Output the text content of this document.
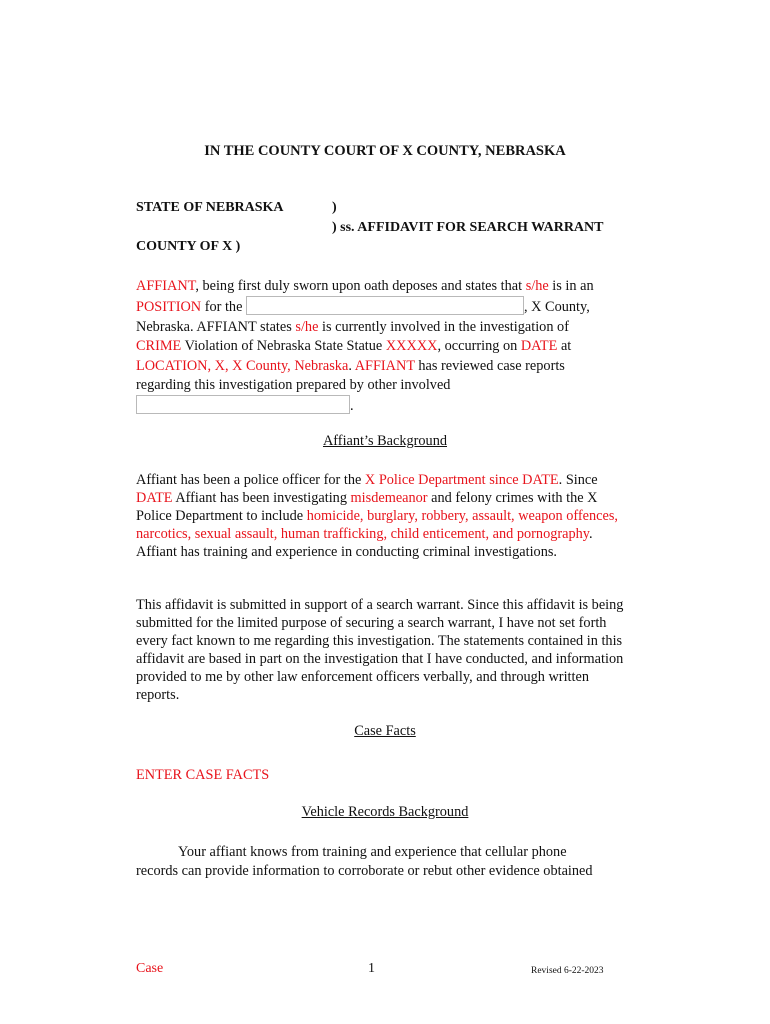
IN THE COUNTY COURT OF X COUNTY, NEBRASKA
STATE OF NEBRASKA	)
) ss. AFFIDAVIT FOR SEARCH WARRANT
COUNTY OF X )
AFFIANT, being first duly sworn upon oath deposes and states that s/he is in an
POSITION for the	, X County,
Nebraska. AFFIANT states s/he is currently involved in the investigation of
CRIME Violation of Nebraska State Statue XXXXX, occurring on DATE at
LOCATION, X, X County, Nebraska. AFFIANT has reviewed case reports
regarding this investigation prepared by other involved
.
Affiant’s Background
Affiant has been a police officer for the X Police Department since DATE. Since DATE Affiant has been investigating misdemeanor and felony crimes with the X Police Department to include homicide, burglary, robbery, assault, weapon offences, narcotics, sexual assault, human trafficking, child enticement, and pornography. Affiant has training and experience in conducting criminal investigations.
This affidavit is submitted in support of a search warrant. Since this affidavit is being submitted for the limited purpose of securing a search warrant, I have not set forth every fact known to me regarding this investigation. The statements contained in this affidavit are based in part on the investigation that I have conducted, and information provided to me by other law enforcement officers verbally, and through written reports.
Case Facts
ENTER CASE FACTS
Vehicle Records Background
Your affiant knows from training and experience that cellular phone
records can provide information to corroborate or rebut other evidence obtained
Case	1	Revised 6-22-2023
